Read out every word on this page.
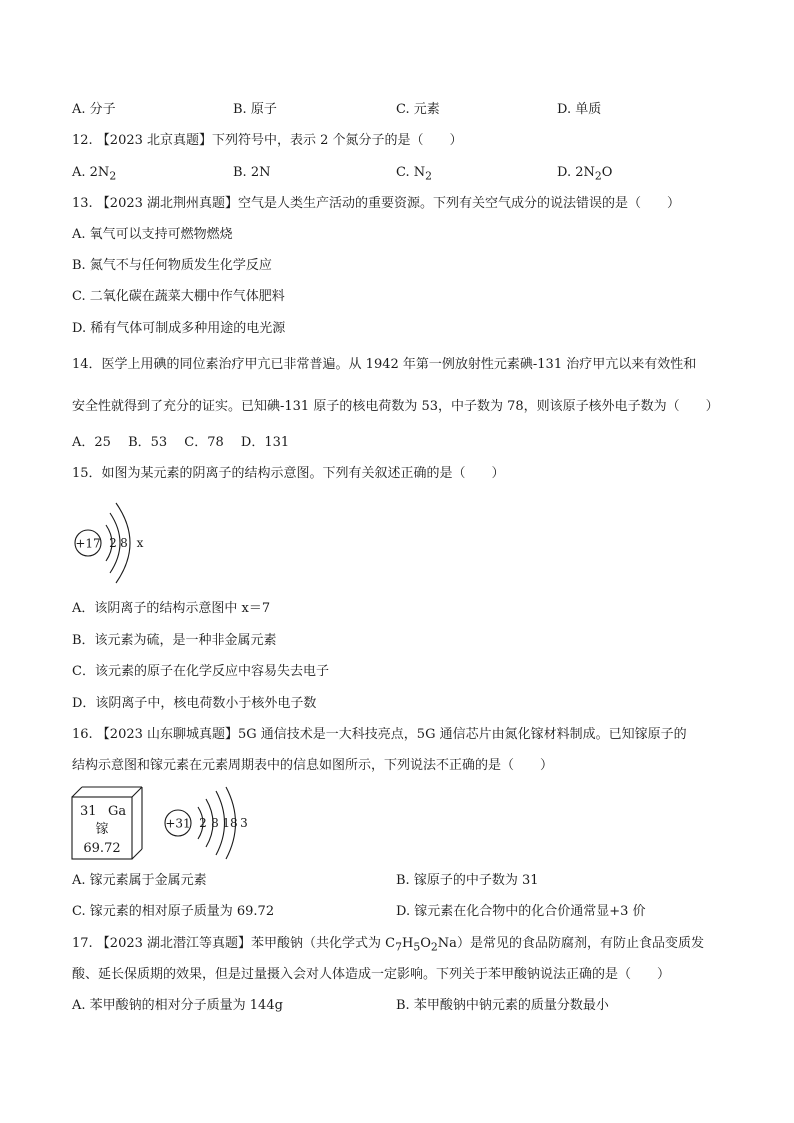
A. 分子	B. 原子	C. 元素	D. 单质
12. 【2023 北京真题】下列符号中，表示 2 个氮分子的是（　　）
A. $2N_2$	B. 2N	C. $N_2$	D. $2N_2O$
13. 【2023 湖北荆州真题】空气是人类生产活动的重要资源。下列有关空气成分的说法错误的是（　　）
A. 氧气可以支持可燃物燃烧
B. 氮气不与任何物质发生化学反应
C. 二氧化碳在蔬菜大棚中作气体肥料
D. 稀有气体可制成多种用途的电光源
14．医学上用碘的同位素治疗甲亢已非常普遍。从 1942 年第一例放射性元素碘-131 治疗甲亢以来有效性和
安全性就得到了充分的证实。已知碘-131 原子的核电荷数为 53，中子数为 78，则该原子核外电子数为（　　）
A．25　 B．53　 C．78　 D．131
15．如图为某元素的阴离子的结构示意图。下列有关叙述正确的是（　　）
+17 2 8 x
A．该阴离子的结构示意图中 x＝7
B．该元素为硫，是一种非金属元素
C．该元素的原子在化学反应中容易失去电子
D．该阴离子中，核电荷数小于核外电子数
16. 【2023 山东聊城真题】5G 通信技术是一大科技亮点，5G 通信芯片由氮化镓材料制成。已知镓原子的
结构示意图和镓元素在元素周期表中的信息如图所示，下列说法不正确的是（　　）
31 Ga
镓
69.72
+31 2 8 18 3
A. 镓元素属于金属元素	B. 镓原子的中子数为 31
C. 镓元素的相对原子质量为 69.72	D. 镓元素在化合物中的化合价通常显+3 价
17. 【2023 湖北潜江等真题】苯甲酸钠（共化学式为 $C_7H_5O_2Na$）是常见的食品防腐剂，有防止食品变质发
酸、延长保质期的效果，但是过量摄入会对人体造成一定影响。下列关于苯甲酸钠说法正确的是（　　）
A. 苯甲酸钠的相对分子质量为 144g	B. 苯甲酸钠中钠元素的质量分数最小
